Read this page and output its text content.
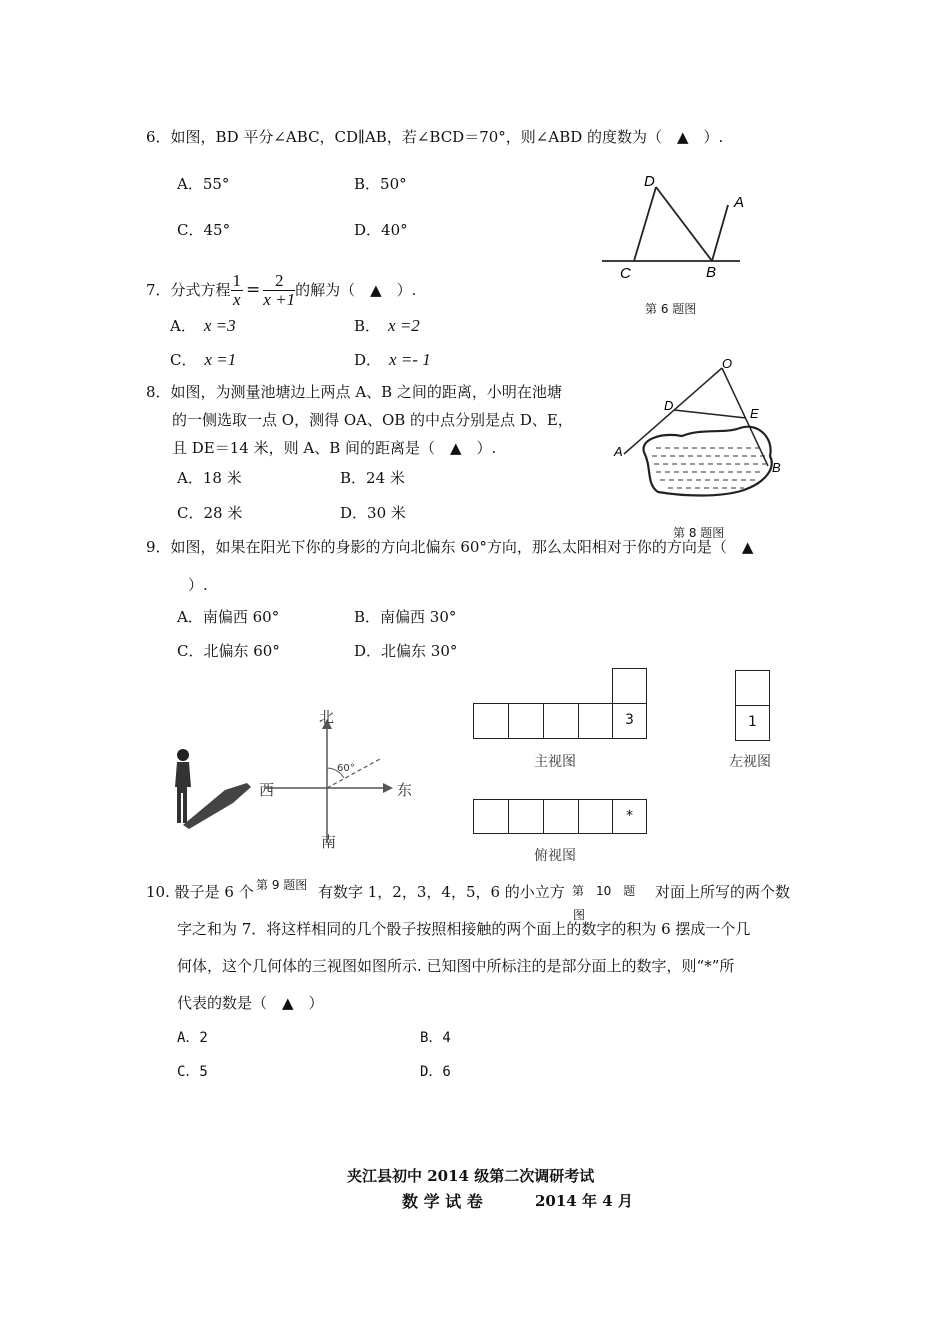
6．如图，BD 平分∠ABC，CD∥AB，若∠BCD＝70°，则∠ABD 的度数为（　▲　）.
A．55°	B．50°
C．45°	D．40°
D
A
C	B
第 6 题图
7．分式方程 $\frac{1}{x} = \frac{2}{x +1}$ 的解为（　▲　）.
A． x =3	B． x =2
C． x =1	D． x =- 1
8．如图，为测量池塘边上两点 A、B 之间的距离，小明在池塘
的一侧选取一点 O，测得 OA、OB 的中点分别是点 D、E，
且 DE＝14 米，则 A、B 间的距离是（　▲　）.
A．18 米	B．24 米
C．28 米	D．30 米
O
D
E
A
B
第 8 题图
9．如图，如果在阳光下你的身影的方向北偏东 60°方向，那么太阳相对于你的方向是（　▲
）.
A．南偏西 60°	B．南偏西 30°
C．北偏东 60°	D．北偏东 30°
60°
北
西	东
南
第 9 题图
3
主视图
1
左视图
*
俯视图
10. 骰子是 6 个	有数字 1，2，3，4，5，6 的小立方 第　10　题
图
对面上所写的两个数
字之和为 7．将这样相同的几个骰子按照相接触的两个面上的数字的积为 6 摆成一个几
何体，这个几何体的三视图如图所示. 已知图中所标注的是部分面上的数字，则“*”所
代表的数是（　▲　）
A．2	B．4
C．5	D．6
夹江县初中 2014 级第二次调研考试
数 学 试 卷	2014 年 4 月
